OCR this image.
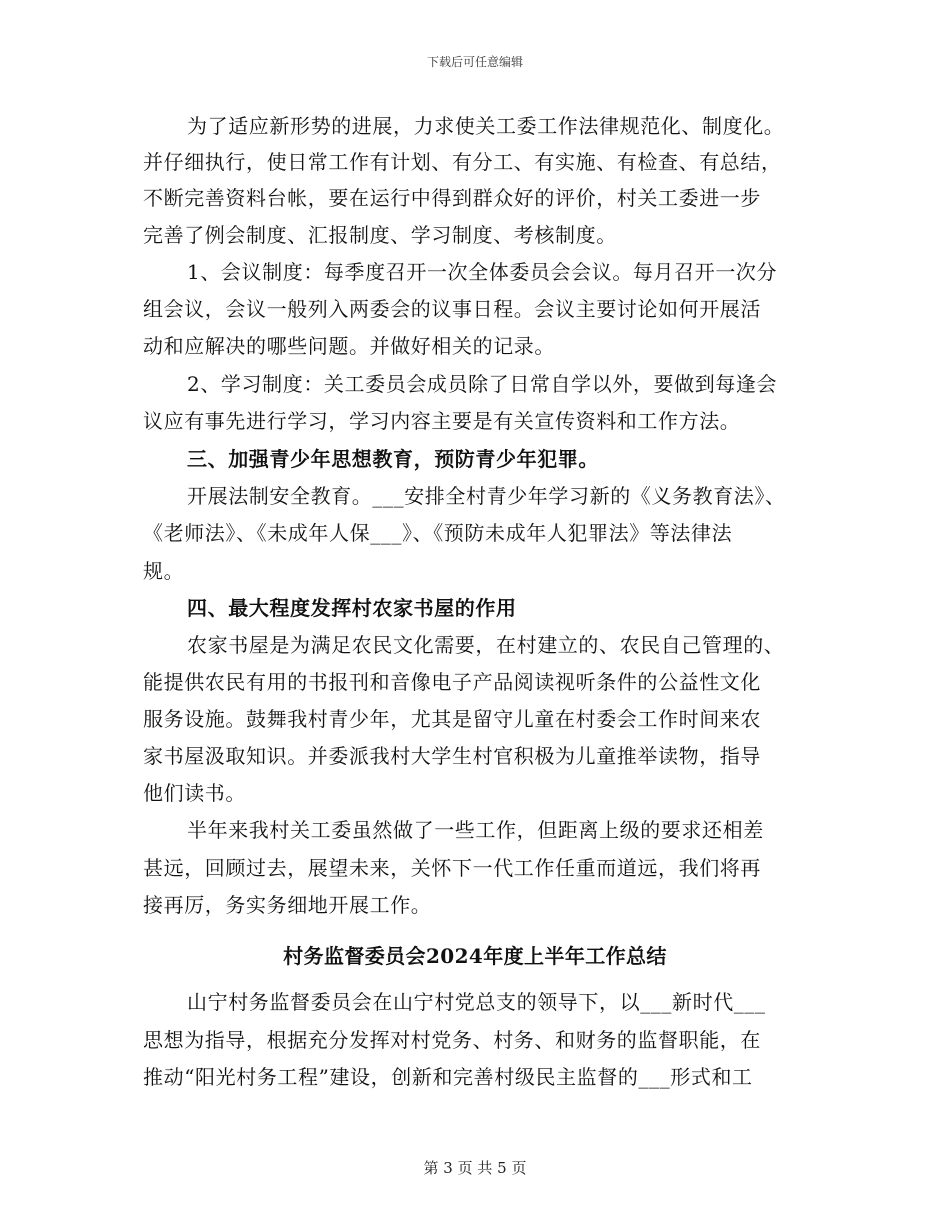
下载后可任意编辑
为了适应新形势的进展，力求使关工委工作法律规范化、制度化。
并仔细执行，使日常工作有计划、有分工、有实施、有检查、有总结，
不断完善资料台帐，要在运行中得到群众好的评价，村关工委进一步
完善了例会制度、汇报制度、学习制度、考核制度。
1、会议制度：每季度召开一次全体委员会会议。每月召开一次分
组会议，会议一般列入两委会的议事日程。会议主要讨论如何开展活
动和应解决的哪些问题。并做好相关的记录。
2、学习制度：关工委员会成员除了日常自学以外，要做到每逢会
议应有事先进行学习，学习内容主要是有关宣传资料和工作方法。
三、加强青少年思想教育，预防青少年犯罪。
开展法制安全教育。___安排全村青少年学习新的《义务教育法》、
《老师法》、《未成年人保___》、《预防未成年人犯罪法》等法律法
规。
四、最大程度发挥村农家书屋的作用
农家书屋是为满足农民文化需要，在村建立的、农民自己管理的、
能提供农民有用的书报刊和音像电子产品阅读视听条件的公益性文化
服务设施。鼓舞我村青少年，尤其是留守儿童在村委会工作时间来农
家书屋汲取知识。并委派我村大学生村官积极为儿童推举读物，指导
他们读书。
半年来我村关工委虽然做了一些工作，但距离上级的要求还相差
甚远，回顾过去，展望未来，关怀下一代工作任重而道远，我们将再
接再厉，务实务细地开展工作。
村务监督委员会2024年度上半年工作总结
山宁村务监督委员会在山宁村党总支的领导下，以___新时代___
思想为指导，根据充分发挥对村党务、村务、和财务的监督职能，在
推动“阳光村务工程”建设，创新和完善村级民主监督的___形式和工
第 3 页 共 5 页
